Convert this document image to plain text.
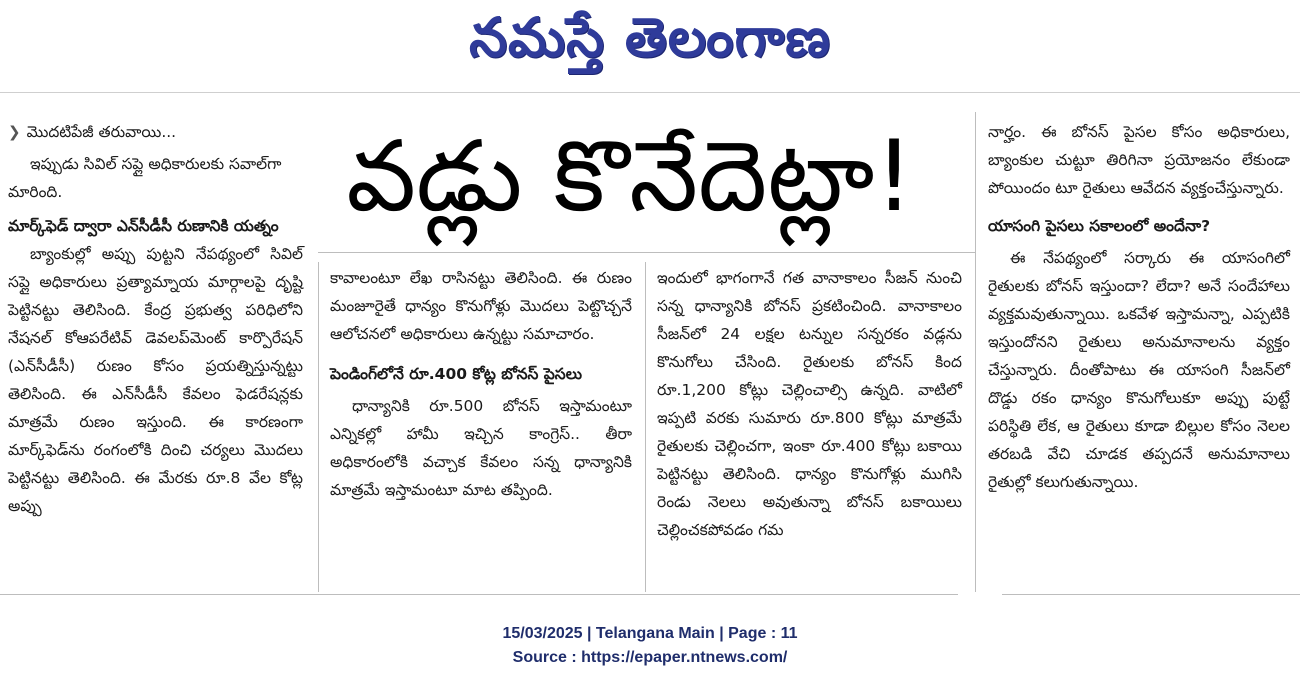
నమస్తే తెలంగాణ
వడ్లు కొనేదెట్లా!
❯ మొదటిపేజీ తరువాయి...

ఇప్పుడు సివిల్ సప్లై అధికారులకు సవాల్‌గా మారింది.

మార్క్‌ఫెడ్ ద్వారా ఎన్‌సీడీసీ రుణానికి యత్నం

బ్యాంకుల్లో అప్పు పుట్టని నేపథ్యంలో సివిల్ సప్లై అధికారులు ప్రత్యామ్నాయ మార్గాలపై దృష్టి పెట్టినట్టు తెలిసింది. కేంద్ర ప్రభుత్వ పరిధిలోని నేషనల్ కోఆపరేటివ్ డెవలప్‌మెంట్ కార్పొరేషన్ (ఎన్‌సీడీసీ) రుణం కోసం ప్రయత్నిస్తున్నట్టు తెలిసింది. ఈ ఎన్‌సీడీసీ కేవలం ఫెడరేషన్లకు మాత్రమే రుణం ఇస్తుంది. ఈ కారణంగా మార్క్‌ఫెడ్‌ను రంగంలోకి దించి చర్యలు మొదలు పెట్టినట్టు తెలిసింది. ఈ మేరకు రూ.8 వేల కోట్ల అప్పు

కావాలంటూ లేఖ రాసినట్టు తెలిసింది. ఈ రుణం మంజూరైతే ధాన్యం కొనుగోళ్లు మొదలు పెట్టొచ్చనే ఆలోచనలో అధికారులు ఉన్నట్టు సమాచారం.

పెండింగ్‌లోనే రూ.400 కోట్ల బోనస్ పైసలు

ధాన్యానికి రూ.500 బోనస్ ఇస్తామంటూ ఎన్నికల్లో హామీ ఇచ్చిన కాంగ్రెస్.. తీరా అధికారంలోకి వచ్చాక కేవలం సన్న ధాన్యానికి మాత్రమే ఇస్తామంటూ మాట తప్పింది.

ఇందులో భాగంగానే గత వానాకాలం సీజన్ నుంచి సన్న ధాన్యానికి బోనస్ ప్రకటించింది. వానాకాలం సీజన్‌లో 24 లక్షల టన్నుల సన్నరకం వడ్లను కొనుగోలు చేసింది. రైతులకు బోనస్ కింద రూ.1,200 కోట్లు చెల్లించాల్సి ఉన్నది. వాటిలో ఇప్పటి వరకు సుమారు రూ.800 కోట్లు మాత్రమే రైతులకు చెల్లించగా, ఇంకా రూ.400 కోట్లు బకాయి పెట్టినట్టు తెలిసింది. ధాన్యం కొనుగోళ్లు ముగిసి రెండు నెలలు అవుతున్నా బోనస్ బకాయిలు చెల్లించకపోవడం గమ

నార్హం. ఈ బోనస్ పైసల కోసం అధికారులు, బ్యాంకుల చుట్టూ తిరిగినా ప్రయోజనం లేకుండా పోయిందం టూ రైతులు ఆవేదన వ్యక్తంచేస్తున్నారు.

యాసంగి పైసలు సకాలంలో అందేనా?

ఈ నేపథ్యంలో సర్కారు ఈ యాసంగిలో రైతులకు బోనస్ ఇస్తుందా? లేదా? అనే సందేహాలు వ్యక్తమవుతున్నాయి. ఒకవేళ ఇస్తామన్నా, ఎప్పటికి ఇస్తుందోనని రైతులు అనుమానాలను వ్యక్తం చేస్తున్నారు. దీంతోపాటు ఈ యాసంగి సీజన్‌లో దొడ్డు రకం ధాన్యం కొనుగోలుకూ అప్పు పుట్టే పరిస్థితి లేక, ఆ రైతులు కూడా బిల్లుల కోసం నెలల తరబడి వేచి చూడక తప్పదనే అనుమానాలు రైతుల్లో కలుగుతున్నాయి.

15/03/2025 | Telangana Main | Page : 11
Source : https://epaper.ntnews.com/
